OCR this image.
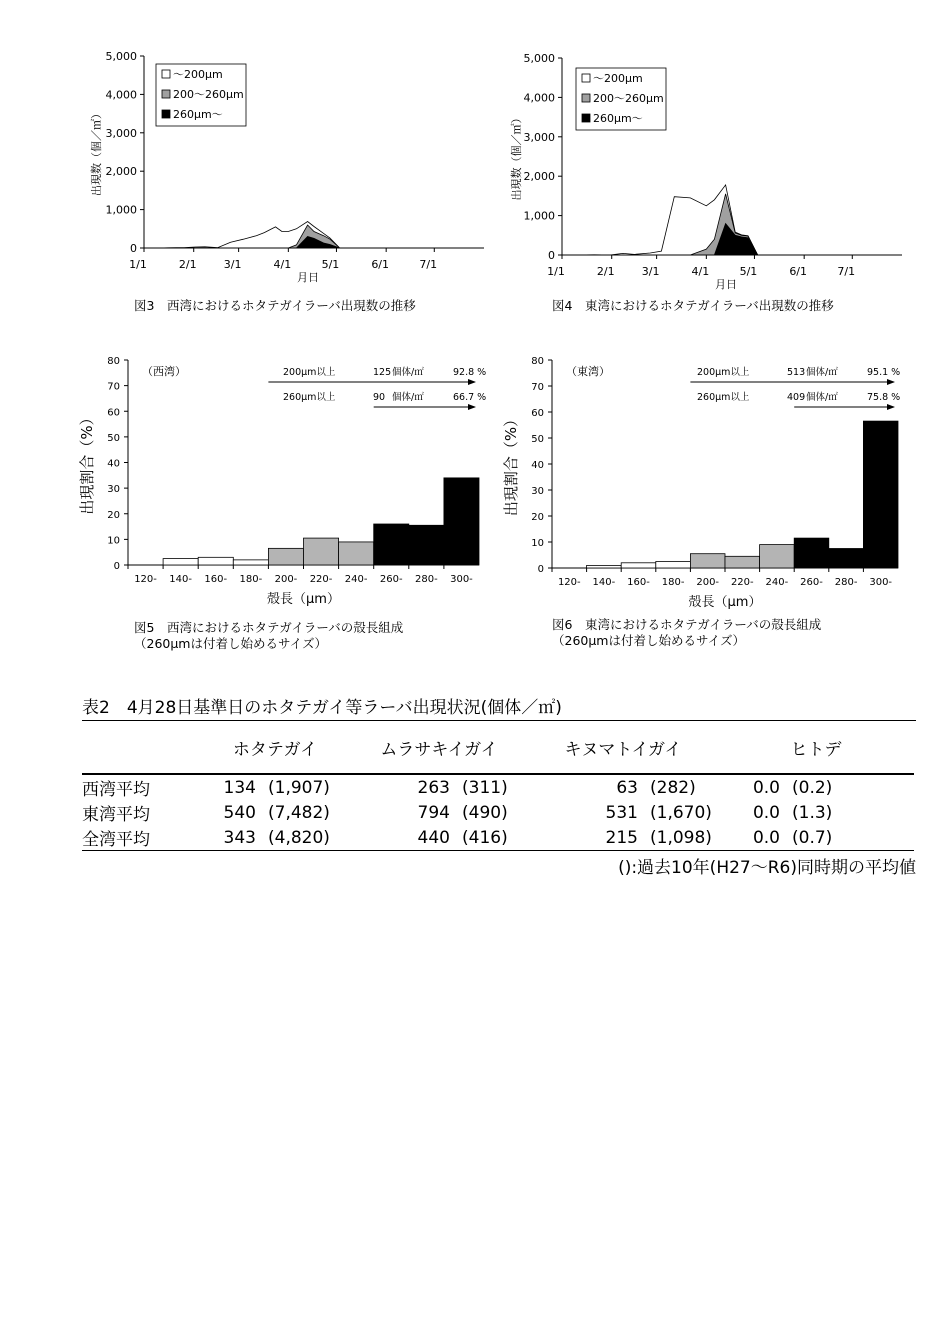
0
1,000
2,000
3,000
4,000
5,000
1/1	2/1 3/1	4/1	5/1	6/1	7/1
月日
出現数（個／㎡）
～200μm
200～260μm
260μm～
図3　西湾におけるホタテガイラーバ出現数の推移
0
1,000
2,000
3,000
4,000
5,000
1/1	2/1 3/1	4/1	5/1	6/1	7/1
月日
出現数（個／㎡）
～200μm
200～260μm
260μm～
図4　東湾におけるホタテガイラーバ出現数の推移
0
10
20
30
40
50
60
70
80
120- 140- 160- 180- 200- 220- 240- 260- 280- 300-
殻長（μm）
出現割合（%）
（西湾）	200μm以上	125 個体/㎡	92.8 %
260μm以上	90 個体/㎡	66.7 %
図5　西湾におけるホタテガイラーバの殻長組成
（260μmは付着し始めるサイズ）
0
10
20
30
40
50
60
70
80
120- 140- 160- 180- 200- 220- 240- 260- 280- 300-
殻長（μm）
出現割合（%）
（東湾）	200μm以上	513 個体/㎡	95.1 %
260μm以上	409 個体/㎡	75.8 %
図6　東湾におけるホタテガイラーバの殻長組成
（260μmは付着し始めるサイズ）
表2　4月28日基準日のホタテガイ等ラーバ出現状況(個体／㎡)
	ホタテガイ	ムラサキイガイ	キヌマトイガイ	ヒトデ
西湾平均	134 (1,907)	263 (311)	63 (282)	0.0 (0.2)
東湾平均	540 (7,482)	794 (490)	531 (1,670)	0.0 (1.3)
全湾平均	343 (4,820)	440 (416)	215 (1,098)	0.0 (0.7)
():過去10年(H27～R6)同時期の平均値
